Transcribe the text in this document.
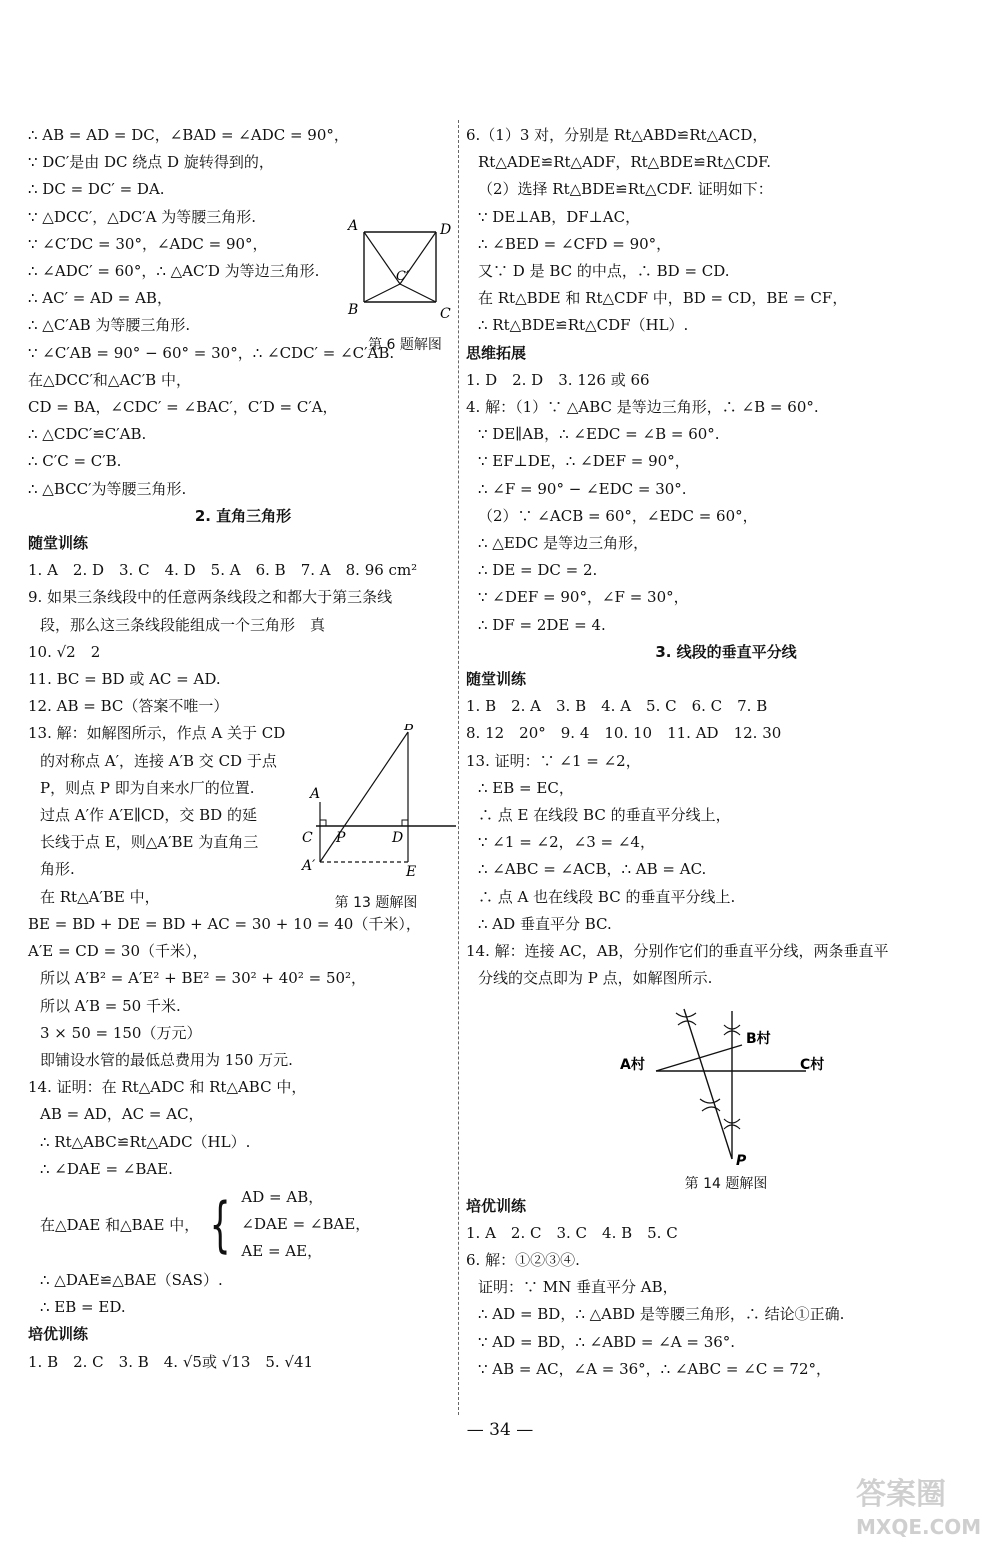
A	D
B	C
C′
第 6 题解图
∴ AB = AD = DC，∠BAD = ∠ADC = 90°，
∵ DC′是由 DC 绕点 D 旋转得到的，
∴ DC = DC′ = DA.
∵ △DCC′，△DC′A 为等腰三角形.
∵ ∠C′DC = 30°，∠ADC = 90°，
∴ ∠ADC′ = 60°，∴ △AC′D 为等边三角形.
∴ AC′ = AD = AB，
∴ △C′AB 为等腰三角形.
∵ ∠C′AB = 90° − 60° = 30°，∴ ∠CDC′ = ∠C′AB.
在△DCC′和△AC′B 中，
CD = BA，∠CDC′ = ∠BAC′，C′D = C′A，
∴ △CDC′≌C′AB.
∴ C′C = C′B.
∴ △BCC′为等腰三角形.
2. 直角三角形
随堂训练
1. A　2. D　3. C　4. D　5. A　6. B　7. A　8. 96 cm²
9. 如果三条线段中的任意两条线段之和都大于第三条线
段，那么这三条线段能组成一个三角形　真
10. √2　2
11. BC = BD 或 AC = AD.
12. AB = BC（答案不唯一）
A
B
C P	D
A′	E
第 13 题解图
13. 解：如解图所示，作点 A 关于 CD
的对称点 A′，连接 A′B 交 CD 于点
P，则点 P 即为自来水厂的位置.
过点 A′作 A′E∥CD，交 BD 的延
长线于点 E，则△A′BE 为直角三
角形.
在 Rt△A′BE 中，
BE = BD + DE = BD + AC = 30 + 10 = 40（千米），
A′E = CD = 30（千米），
所以 A′B² = A′E² + BE² = 30² + 40² = 50²，
所以 A′B = 50 千米.
3 × 50 = 150（万元）
即铺设水管的最低总费用为 150 万元.
14. 证明：在 Rt△ADC 和 Rt△ABC 中，
AB = AD，AC = AC，
∴ Rt△ABC≌Rt△ADC（HL）.
∴ ∠DAE = ∠BAE.
在△DAE 和△BAE 中， { AD = AB，
∠DAE = ∠BAE，
AE = AE，
∴ △DAE≌△BAE（SAS）.
∴ EB = ED.
培优训练
1. B　2. C　3. B　4. √5或 √13　5. √41
6.（1）3 对，分别是 Rt△ABD≌Rt△ACD，
Rt△ADE≌Rt△ADF，Rt△BDE≌Rt△CDF.
（2）选择 Rt△BDE≌Rt△CDF. 证明如下：
∵ DE⊥AB，DF⊥AC，
∴ ∠BED = ∠CFD = 90°，
又∵ D 是 BC 的中点，∴ BD = CD.
在 Rt△BDE 和 Rt△CDF 中，BD = CD，BE = CF，
∴ Rt△BDE≌Rt△CDF（HL）.
思维拓展
1. D　2. D　3. 126 或 66
4. 解：（1）∵ △ABC 是等边三角形，∴ ∠B = 60°.
∵ DE∥AB，∴ ∠EDC = ∠B = 60°.
∵ EF⊥DE，∴ ∠DEF = 90°，
∴ ∠F = 90° − ∠EDC = 30°.
（2）∵ ∠ACB = 60°，∠EDC = 60°，
∴ △EDC 是等边三角形，
∴ DE = DC = 2.
∵ ∠DEF = 90°，∠F = 30°，
∴ DF = 2DE = 4.
3. 线段的垂直平分线
随堂训练
1. B　2. A　3. B　4. A　5. C　6. C　7. B
8. 12　20°　9. 4　10. 10　11. AD　12. 30
13. 证明：∵ ∠1 = ∠2，
∴ EB = EC，
∴ 点 E 在线段 BC 的垂直平分线上，
∵ ∠1 = ∠2，∠3 = ∠4，
∴ ∠ABC = ∠ACB，∴ AB = AC.
∴ 点 A 也在线段 BC 的垂直平分线上.
∴ AD 垂直平分 BC.
14. 解：连接 AC，AB，分别作它们的垂直平分线，两条垂直平
分线的交点即为 P 点，如解图所示.
A村
B村
C村
P
第 14 题解图
培优训练
1. A　2. C　3. C　4. B　5. C
6. 解：①②③④.
证明：∵ MN 垂直平分 AB，
∴ AD = BD，∴ △ABD 是等腰三角形，∴ 结论①正确.
∵ AD = BD，∴ ∠ABD = ∠A = 36°.
∵ AB = AC，∠A = 36°，∴ ∠ABC = ∠C = 72°，
— 34 —
答案圈
MXQE.COM
